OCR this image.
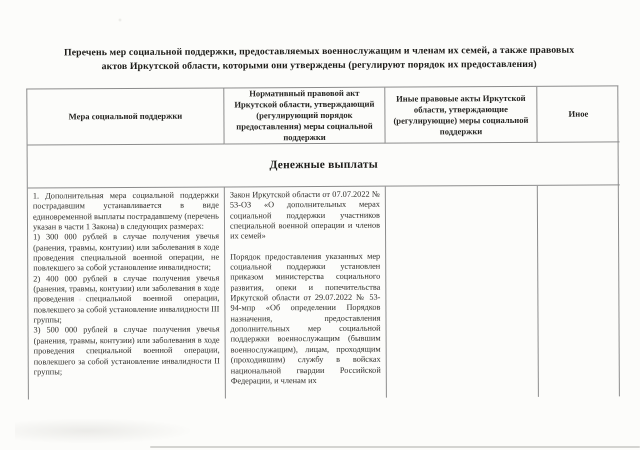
Перечень мер социальной поддержки, предоставляемых военнослужащим и членам их семей, а также правовых
актов Иркутской области, которыми они утверждены (регулируют порядок их предоставления)
Мера социальной поддержки
Нормативный правовой акт Иркутской области, утверждающий (регулирующий порядок предоставления) меры социальной поддержки
Иные правовые акты Иркутской области, утверждающие (регулирующие) меры социальной поддержки
Иное
Денежные выплаты

1. Дополнительная мера социальной поддержки пострадавшим устанавливается в виде единовременной выплаты пострадавшему (перечень указан в части 1 Закона) в следующих размерах:

1) 300 000 рублей в случае получения увечья (ранения, травмы, контузии) или заболевания в ходе проведения специальной военной операции, не повлекшего за собой установление инвалидности;

2) 400 000 рублей в случае получения увечья (ранения, травмы, контузии) или заболевания в ходе проведения специальной военной операции, повлекшего за собой установление инвалидности III группы;

3) 500 000 рублей в случае получения увечья (ранения, травмы, контузии) или заболевания в ходе проведения специальной военной операции, повлекшего за собой установление инвалидности II группы;

Закон Иркутской области от 07.07.2022 № 53-ОЗ «О дополнительных мерах социальной поддержки участников специальной военной операции и членов их семей»

Порядок предоставления указанных мер социальной поддержки установлен приказом министерства социального развития, опеки и попечительства Иркутской области от 29.07.2022 № 53-94-мпр «Об определении Порядков назначения, предоставления дополнительных мер социальной поддержки военнослужащим (бывшим военнослужащим), лицам, проходящим (проходившим) службу в войсках национальной гвардии Российской Федерации, и членам их
